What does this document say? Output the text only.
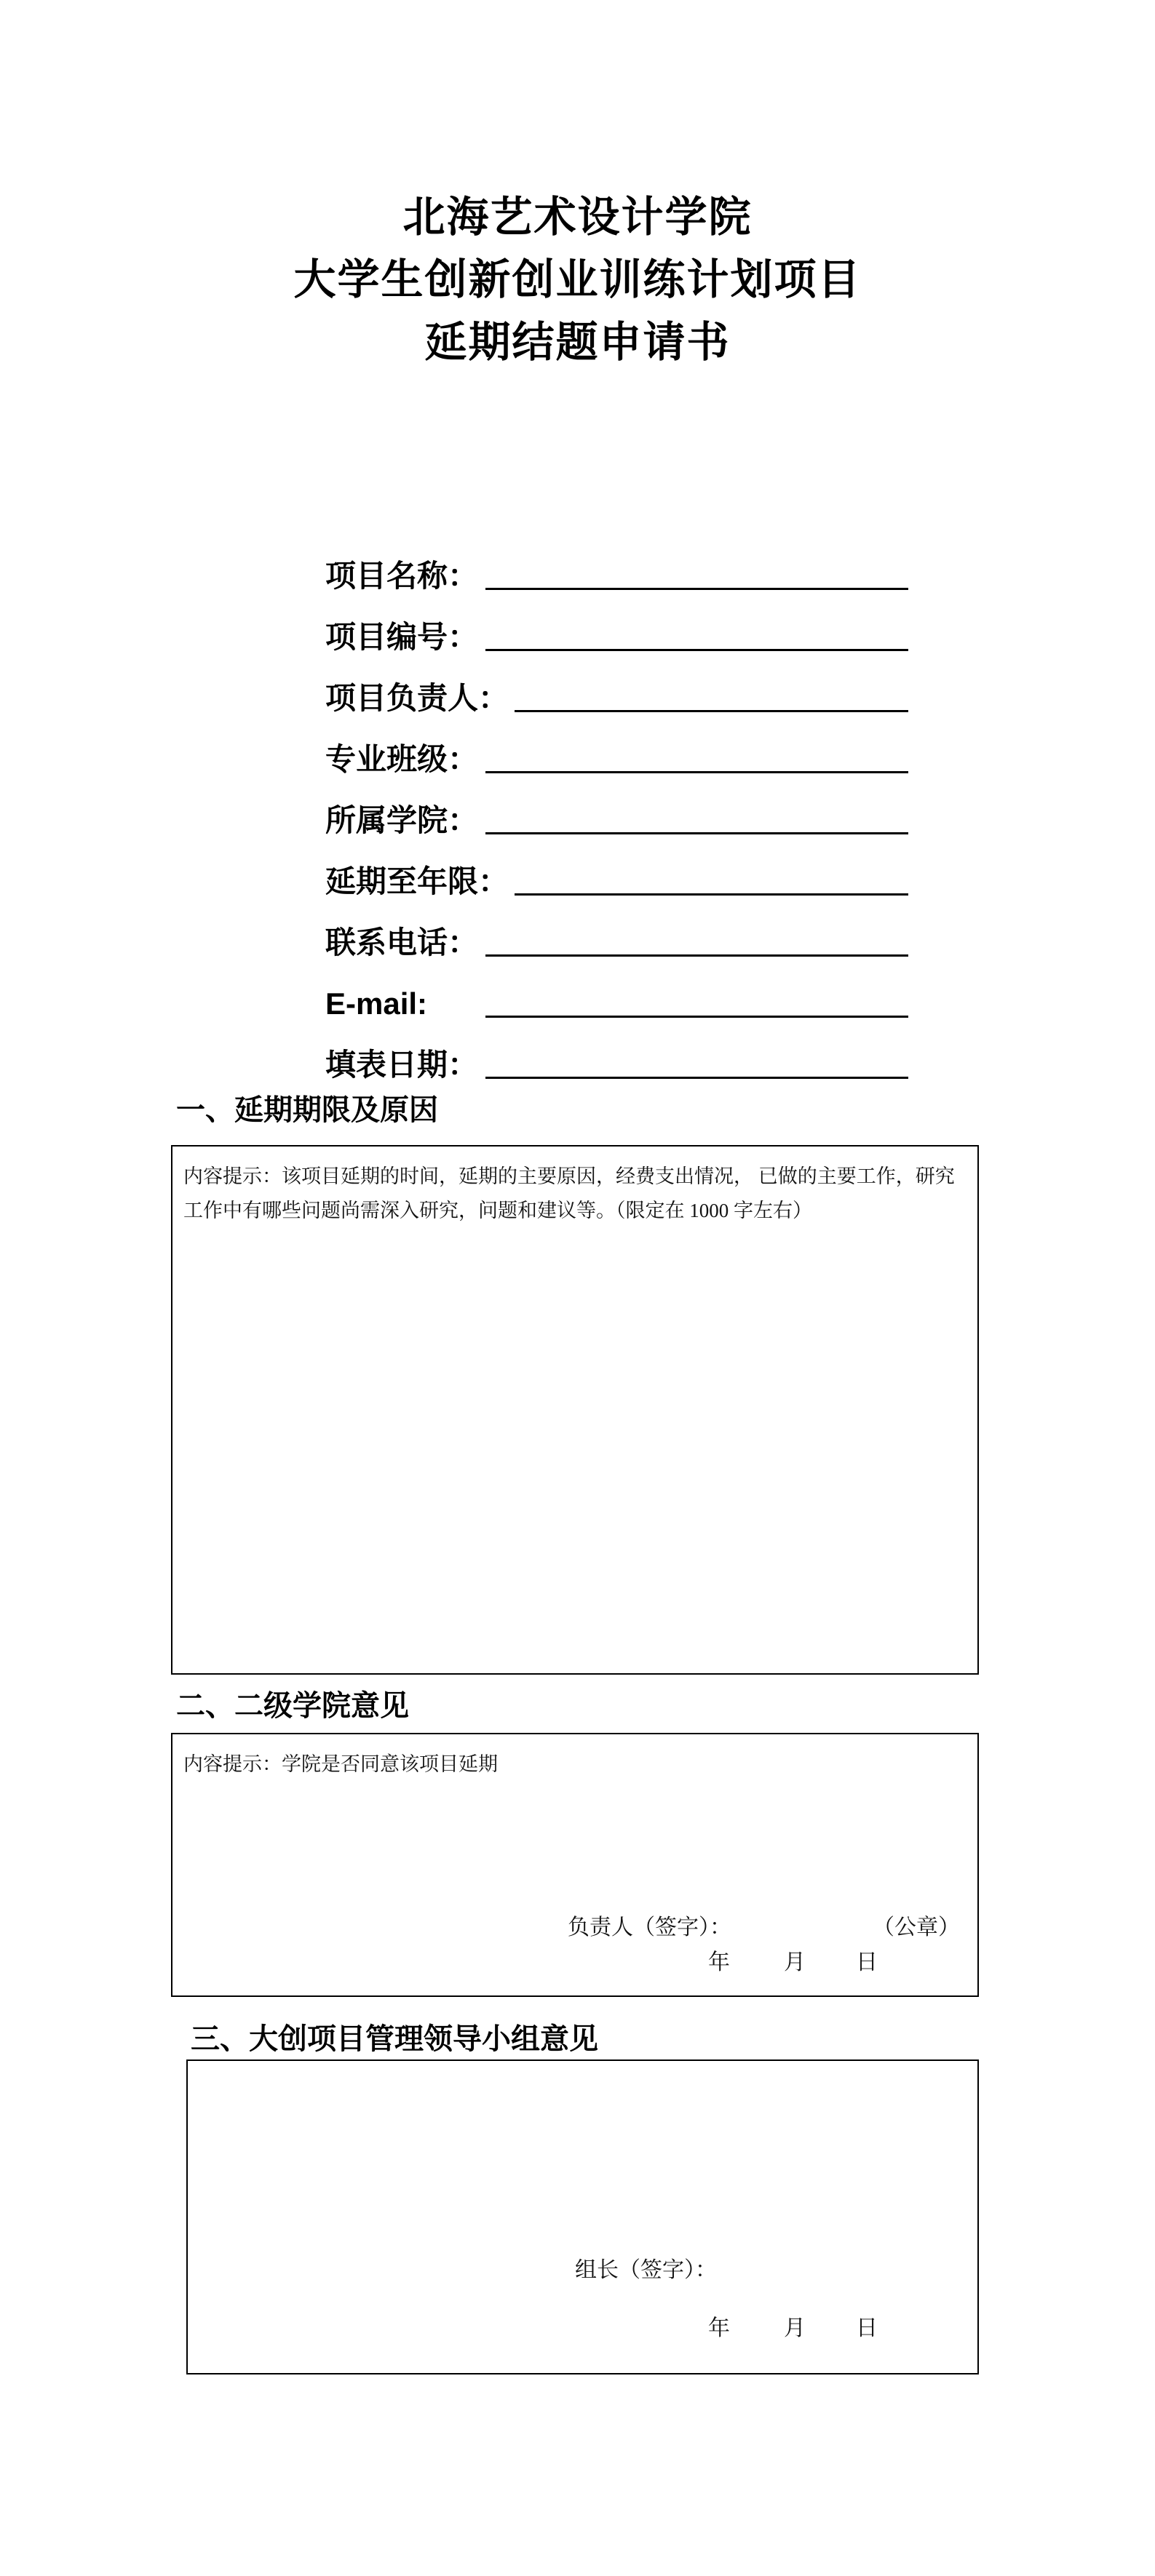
北海艺术设计学院
大学生创新创业训练计划项目
延期结题申请书
项目名称：
项目编号：
项目负责人：
专业班级：
所属学院：
延期至年限：
联系电话：
E-mail:
填表日期：
一、延期期限及原因
内容提示：该项目延期的时间，延期的主要原因，经费支出情况， 已做的主要工作，研究
工作中有哪些问题尚需深入研究，问题和建议等。（限定在 1000 字左右）
二、二级学院意见
内容提示：学院是否同意该项目延期
负责人（签字）：	（公章）
年 月 日
三、大创项目管理领导小组意见
组长（签字）：
年 月 日
